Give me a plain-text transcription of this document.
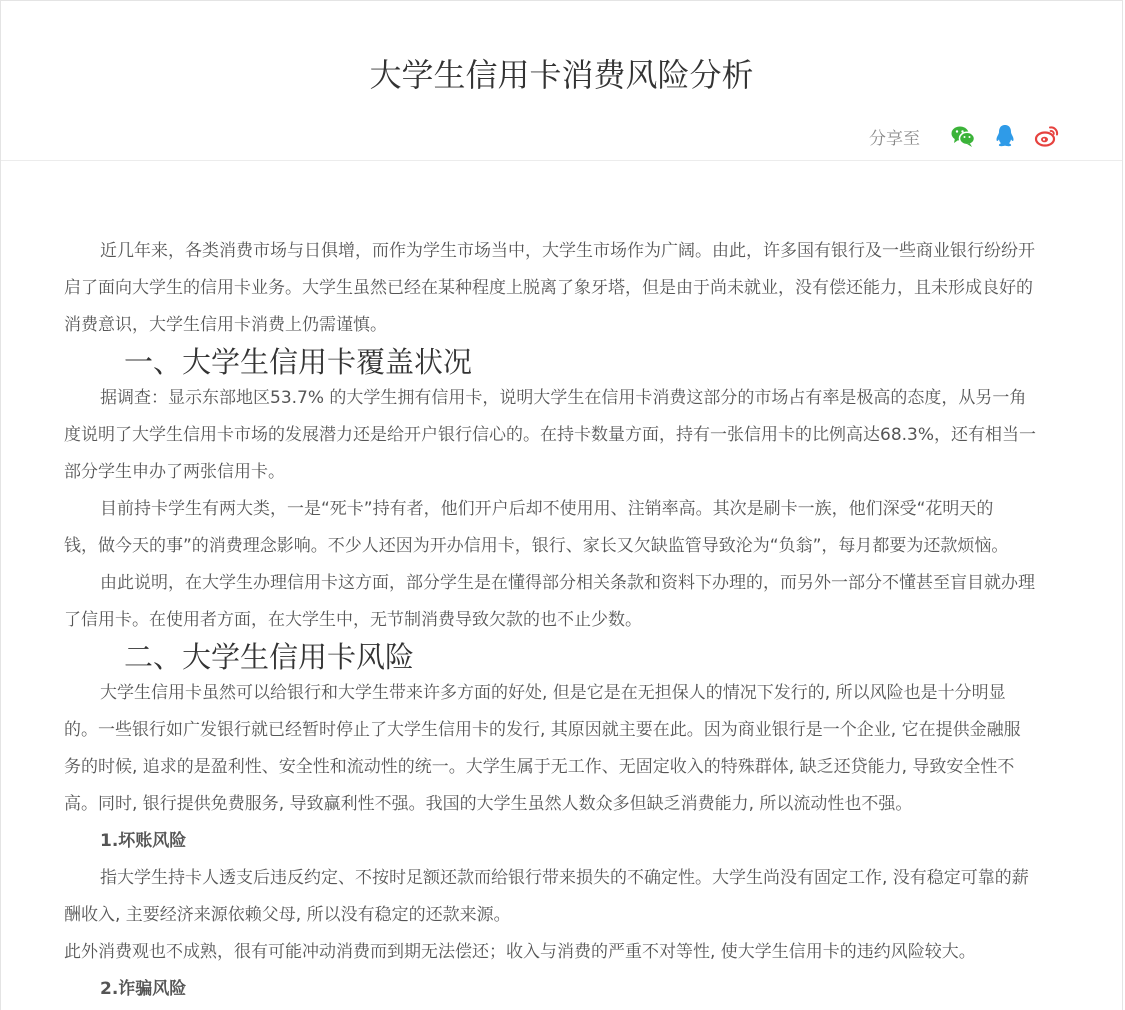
大学生信用卡消费风险分析
分享至

近几年来，各类消费市场与日俱增，而作为学生市场当中，大学生市场作为广阔。由此，许多国有银行及一些商业银行纷纷开

启了面向大学生的信用卡业务。大学生虽然已经在某种程度上脱离了象牙塔，但是由于尚未就业，没有偿还能力，且未形成良好的

消费意识，大学生信用卡消费上仍需谨慎。

一、大学生信用卡覆盖状况

据调查：显示东部地区53.7% 的大学生拥有信用卡，说明大学生在信用卡消费这部分的市场占有率是极高的态度，从另一角

度说明了大学生信用卡市场的发展潜力还是给开户银行信心的。在持卡数量方面，持有一张信用卡的比例高达68.3%，还有相当一

部分学生申办了两张信用卡。

目前持卡学生有两大类，一是“死卡”持有者，他们开户后却不使用用、注销率高。其次是刷卡一族，他们深受“花明天的

钱，做今天的事”的消费理念影响。不少人还因为开办信用卡，银行、家长又欠缺监管导致沦为“负翁”，每月都要为还款烦恼。

由此说明，在大学生办理信用卡这方面，部分学生是在懂得部分相关条款和资料下办理的，而另外一部分不懂甚至盲目就办理

了信用卡。在使用者方面，在大学生中，无节制消费导致欠款的也不止少数。

二、大学生信用卡风险

大学生信用卡虽然可以给银行和大学生带来许多方面的好处, 但是它是在无担保人的情况下发行的, 所以风险也是十分明显

的。一些银行如广发银行就已经暂时停止了大学生信用卡的发行, 其原因就主要在此。因为商业银行是一个企业, 它在提供金融服

务的时候, 追求的是盈利性、安全性和流动性的统一。大学生属于无工作、无固定收入的特殊群体, 缺乏还贷能力, 导致安全性不

高。同时, 银行提供免费服务, 导致赢利性不强。我国的大学生虽然人数众多但缺乏消费能力, 所以流动性也不强。

1.坏账风险

指大学生持卡人透支后违反约定、不按时足额还款而给银行带来损失的不确定性。大学生尚没有固定工作, 没有稳定可靠的薪

酬收入, 主要经济来源依赖父母, 所以没有稳定的还款来源。

此外消费观也不成熟，很有可能冲动消费而到期无法偿还；收入与消费的严重不对等性, 使大学生信用卡的违约风险较大。

2.诈骗风险
